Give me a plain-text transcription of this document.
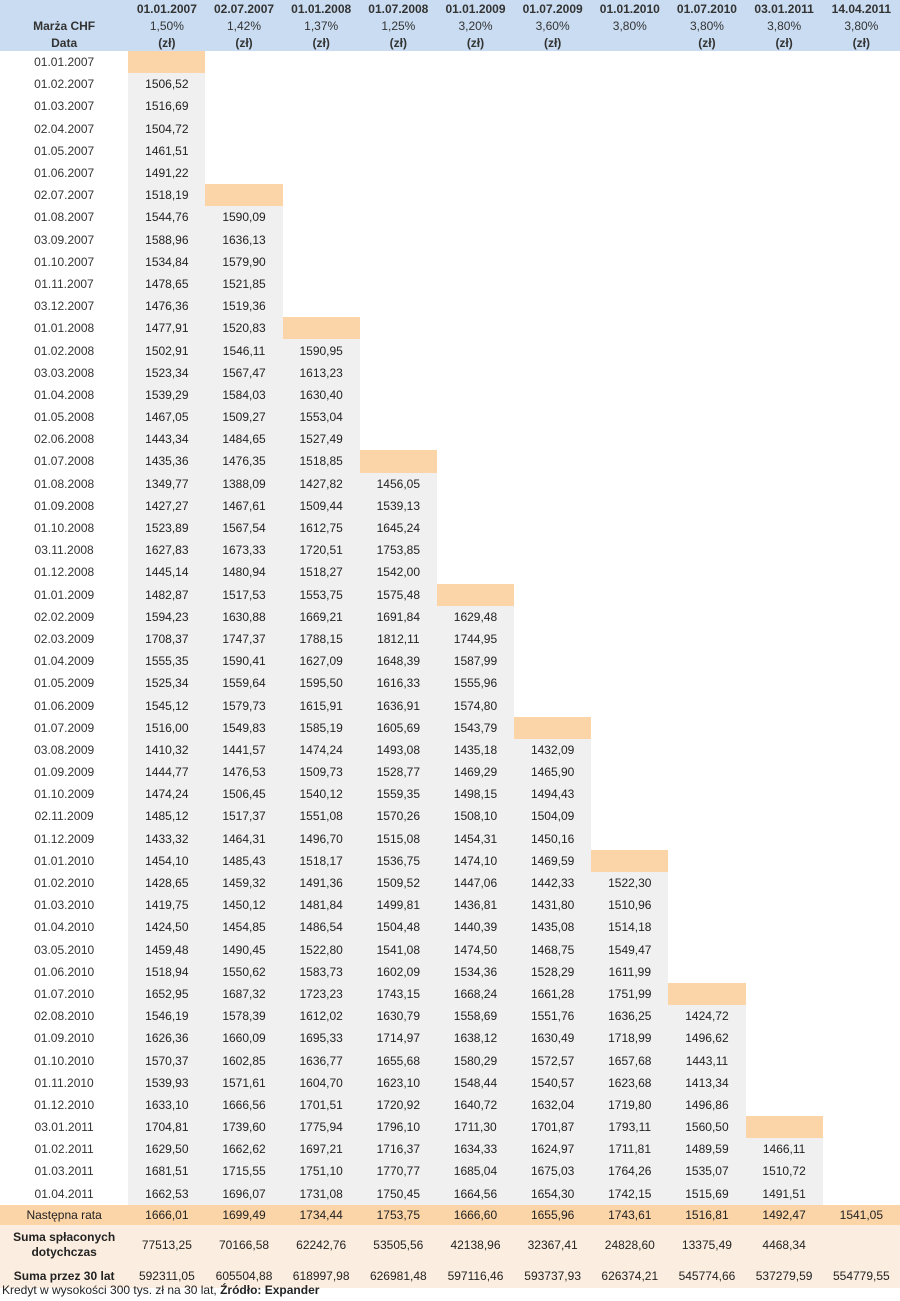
	01.01.2007	02.07.2007	01.01.2008	01.07.2008	01.01.2009	01.07.2009	01.01.2010	01.07.2010	03.01.2011	14.04.2011
Marża CHF	1,50%	1,42%	1,37%	1,25%	3,20%	3,60%	3,80%	3,80%	3,80%	3,80%
Data	(zł)	(zł)	(zł)	(zł)	(zł)	(zł)		(zł)	(zł)	(zł)
01.01.2007										
01.02.2007	1506,52									
01.03.2007	1516,69									
02.04.2007	1504,72									
01.05.2007	1461,51									
01.06.2007	1491,22									
02.07.2007	1518,19									
01.08.2007	1544,76	1590,09								
03.09.2007	1588,96	1636,13								
01.10.2007	1534,84	1579,90								
01.11.2007	1478,65	1521,85								
03.12.2007	1476,36	1519,36								
01.01.2008	1477,91	1520,83								
01.02.2008	1502,91	1546,11	1590,95							
03.03.2008	1523,34	1567,47	1613,23							
01.04.2008	1539,29	1584,03	1630,40							
01.05.2008	1467,05	1509,27	1553,04							
02.06.2008	1443,34	1484,65	1527,49							
01.07.2008	1435,36	1476,35	1518,85							
01.08.2008	1349,77	1388,09	1427,82	1456,05						
01.09.2008	1427,27	1467,61	1509,44	1539,13						
01.10.2008	1523,89	1567,54	1612,75	1645,24						
03.11.2008	1627,83	1673,33	1720,51	1753,85						
01.12.2008	1445,14	1480,94	1518,27	1542,00						
01.01.2009	1482,87	1517,53	1553,75	1575,48						
02.02.2009	1594,23	1630,88	1669,21	1691,84	1629,48					
02.03.2009	1708,37	1747,37	1788,15	1812,11	1744,95					
01.04.2009	1555,35	1590,41	1627,09	1648,39	1587,99					
01.05.2009	1525,34	1559,64	1595,50	1616,33	1555,96					
01.06.2009	1545,12	1579,73	1615,91	1636,91	1574,80					
01.07.2009	1516,00	1549,83	1585,19	1605,69	1543,79					
03.08.2009	1410,32	1441,57	1474,24	1493,08	1435,18	1432,09				
01.09.2009	1444,77	1476,53	1509,73	1528,77	1469,29	1465,90				
01.10.2009	1474,24	1506,45	1540,12	1559,35	1498,15	1494,43				
02.11.2009	1485,12	1517,37	1551,08	1570,26	1508,10	1504,09				
01.12.2009	1433,32	1464,31	1496,70	1515,08	1454,31	1450,16				
01.01.2010	1454,10	1485,43	1518,17	1536,75	1474,10	1469,59				
01.02.2010	1428,65	1459,32	1491,36	1509,52	1447,06	1442,33	1522,30			
01.03.2010	1419,75	1450,12	1481,84	1499,81	1436,81	1431,80	1510,96			
01.04.2010	1424,50	1454,85	1486,54	1504,48	1440,39	1435,08	1514,18			
03.05.2010	1459,48	1490,45	1522,80	1541,08	1474,50	1468,75	1549,47			
01.06.2010	1518,94	1550,62	1583,73	1602,09	1534,36	1528,29	1611,99			
01.07.2010	1652,95	1687,32	1723,23	1743,15	1668,24	1661,28	1751,99			
02.08.2010	1546,19	1578,39	1612,02	1630,79	1558,69	1551,76	1636,25	1424,72		
01.09.2010	1626,36	1660,09	1695,33	1714,97	1638,12	1630,49	1718,99	1496,62		
01.10.2010	1570,37	1602,85	1636,77	1655,68	1580,29	1572,57	1657,68	1443,11		
01.11.2010	1539,93	1571,61	1604,70	1623,10	1548,44	1540,57	1623,68	1413,34		
01.12.2010	1633,10	1666,56	1701,51	1720,92	1640,72	1632,04	1719,80	1496,86		
03.01.2011	1704,81	1739,60	1775,94	1796,10	1711,30	1701,87	1793,11	1560,50		
01.02.2011	1629,50	1662,62	1697,21	1716,37	1634,33	1624,97	1711,81	1489,59	1466,11	
01.03.2011	1681,51	1715,55	1751,10	1770,77	1685,04	1675,03	1764,26	1535,07	1510,72	
01.04.2011	1662,53	1696,07	1731,08	1750,45	1664,56	1654,30	1742,15	1515,69	1491,51	
Następna rata	1666,01	1699,49	1734,44	1753,75	1666,60	1655,96	1743,61	1516,81	1492,47	1541,05
Suma spłaconych dotychczas	77513,25	70166,58	62242,76	53505,56	42138,96	32367,41	24828,60	13375,49	4468,34	
Suma przez 30 lat	592311,05	605504,88	618997,98	626981,48	597116,46	593737,93	626374,21	545774,66	537279,59	554779,55
Kredyt w wysokości 300 tys. zł na 30 lat, Źródło: Expander
